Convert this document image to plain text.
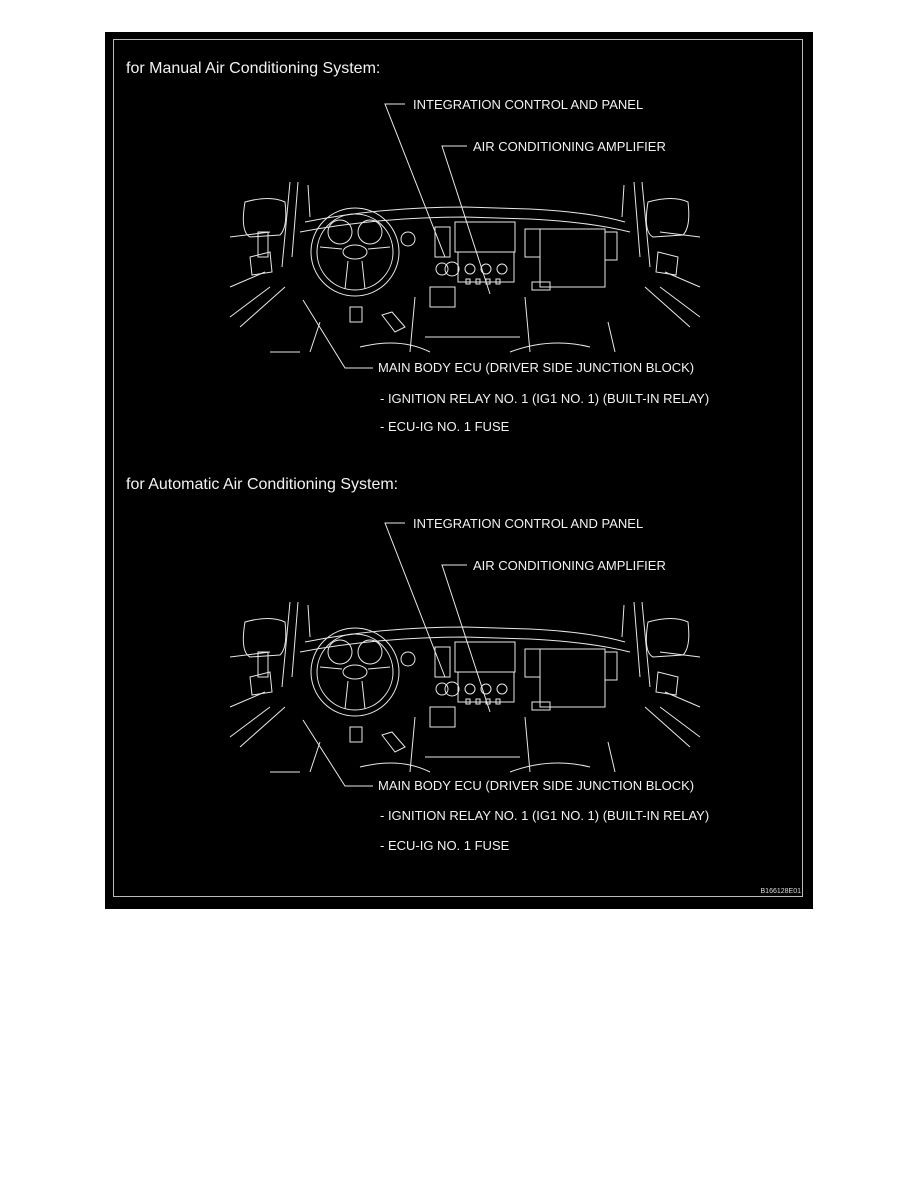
for Manual Air Conditioning System:
INTEGRATION CONTROL AND PANEL
AIR CONDITIONING AMPLIFIER
MAIN BODY ECU (DRIVER SIDE JUNCTION BLOCK)
- IGNITION RELAY NO. 1 (IG1 NO. 1) (BUILT-IN RELAY)
- ECU-IG NO. 1 FUSE
for Automatic Air Conditioning System:
INTEGRATION CONTROL AND PANEL
AIR CONDITIONING AMPLIFIER
MAIN BODY ECU (DRIVER SIDE JUNCTION BLOCK)
- IGNITION RELAY NO. 1 (IG1 NO. 1) (BUILT-IN RELAY)
- ECU-IG NO. 1 FUSE
B166128E01
